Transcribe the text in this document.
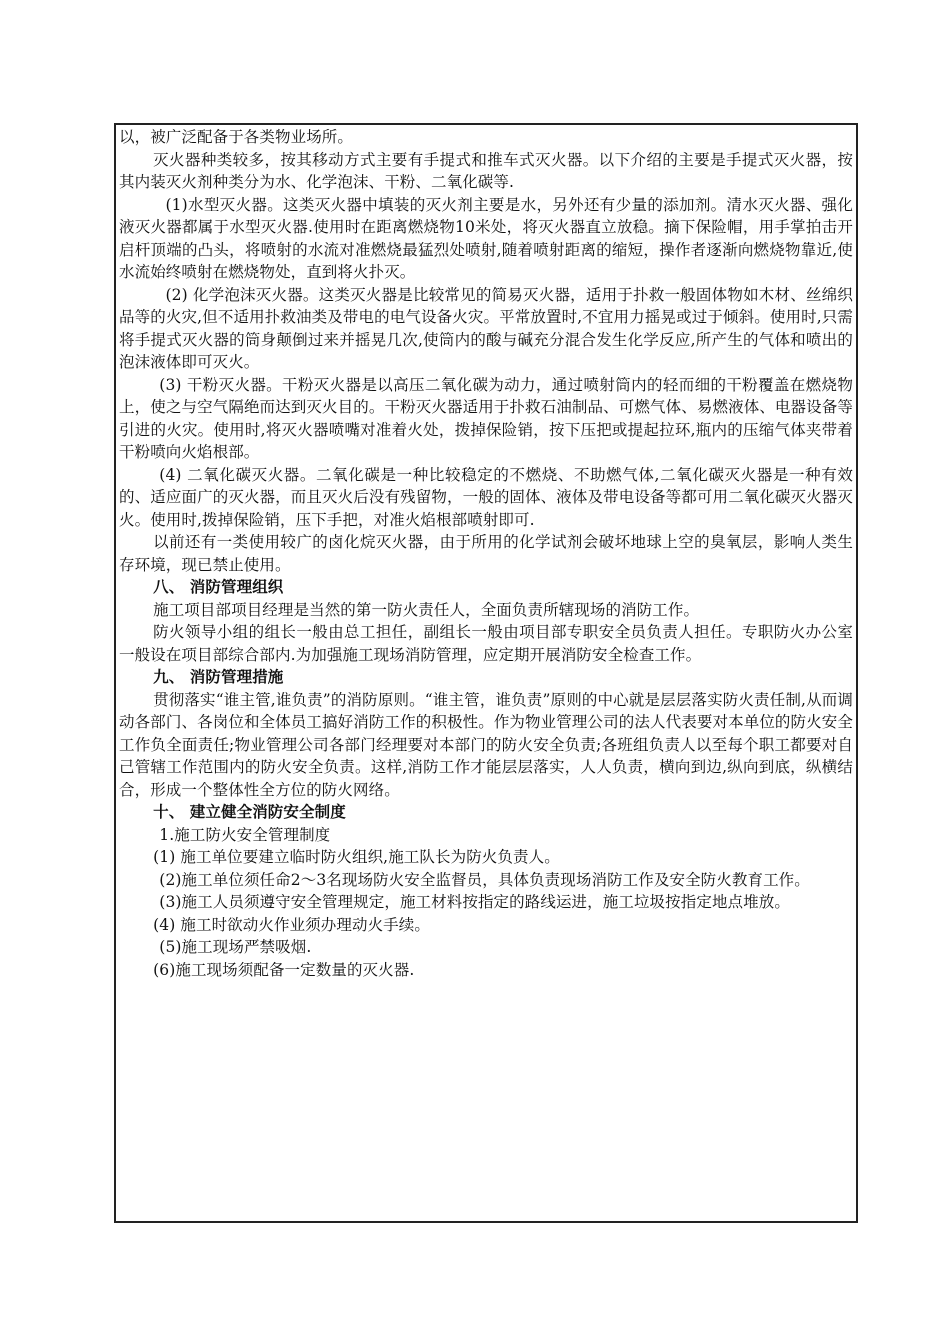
以，被广泛配备于各类物业场所。

灭火器种类较多，按其移动方式主要有手提式和推车式灭火器。以下介绍的主要是手提式灭火器，按其内装灭火剂种类分为水、化学泡沫、干粉、二氧化碳等.

(1)水型灭火器。这类灭火器中填装的灭火剂主要是水，另外还有少量的添加剂。清水灭火器、强化液灭火器都属于水型灭火器.使用时在距离燃烧物10米处，将灭火器直立放稳。摘下保险帽，用手掌拍击开启杆顶端的凸头，将喷射的水流对准燃烧最猛烈处喷射,随着喷射距离的缩短，操作者逐渐向燃烧物靠近,使水流始终喷射在燃烧物处，直到将火扑灭。

(2) 化学泡沫灭火器。这类灭火器是比较常见的简易灭火器，适用于扑救一般固体物如木材、丝绵织品等的火灾,但不适用扑救油类及带电的电气设备火灾。平常放置时,不宜用力摇晃或过于倾斜。使用时,只需将手提式灭火器的筒身颠倒过来并摇晃几次,使筒内的酸与碱充分混合发生化学反应,所产生的气体和喷出的泡沫液体即可灭火。

(3) 干粉灭火器。干粉灭火器是以高压二氧化碳为动力，通过喷射筒内的轻而细的干粉覆盖在燃烧物上，使之与空气隔绝而达到灭火目的。干粉灭火器适用于扑救石油制品、可燃气体、易燃液体、电器设备等引进的火灾。使用时,将灭火器喷嘴对准着火处，拨掉保险销，按下压把或提起拉环,瓶内的压缩气体夹带着干粉喷向火焰根部。

(4) 二氧化碳灭火器。二氧化碳是一种比较稳定的不燃烧、不助燃气体,二氧化碳灭火器是一种有效的、适应面广的灭火器，而且灭火后没有残留物，一般的固体、液体及带电设备等都可用二氧化碳灭火器灭火。使用时,拨掉保险销，压下手把，对准火焰根部喷射即可.

以前还有一类使用较广的卤化烷灭火器，由于所用的化学试剂会破坏地球上空的臭氧层，影响人类生存环境，现已禁止使用。

八、 消防管理组织

施工项目部项目经理是当然的第一防火责任人，全面负责所辖现场的消防工作。

防火领导小组的组长一般由总工担任，副组长一般由项目部专职安全员负责人担任。专职防火办公室一般设在项目部综合部内.为加强施工现场消防管理，应定期开展消防安全检查工作。

九、 消防管理措施

贯彻落实“谁主管,谁负责”的消防原则。“谁主管，谁负责”原则的中心就是层层落实防火责任制,从而调动各部门、各岗位和全体员工搞好消防工作的积极性。作为物业管理公司的法人代表要对本单位的防火安全工作负全面责任;物业管理公司各部门经理要对本部门的防火安全负责;各班组负责人以至每个职工都要对自己管辖工作范围内的防火安全负责。这样,消防工作才能层层落实，人人负责，横向到边,纵向到底，纵横结合，形成一个整体性全方位的防火网络。

十、 建立健全消防安全制度

1.施工防火安全管理制度

(1) 施工单位要建立临时防火组织,施工队长为防火负责人。

(2)施工单位须任命2～3名现场防火安全监督员，具体负责现场消防工作及安全防火教育工作。

(3)施工人员须遵守安全管理规定，施工材料按指定的路线运进，施工垃圾按指定地点堆放。

(4) 施工时欲动火作业须办理动火手续。

(5)施工现场严禁吸烟.

(6)施工现场须配备一定数量的灭火器.
